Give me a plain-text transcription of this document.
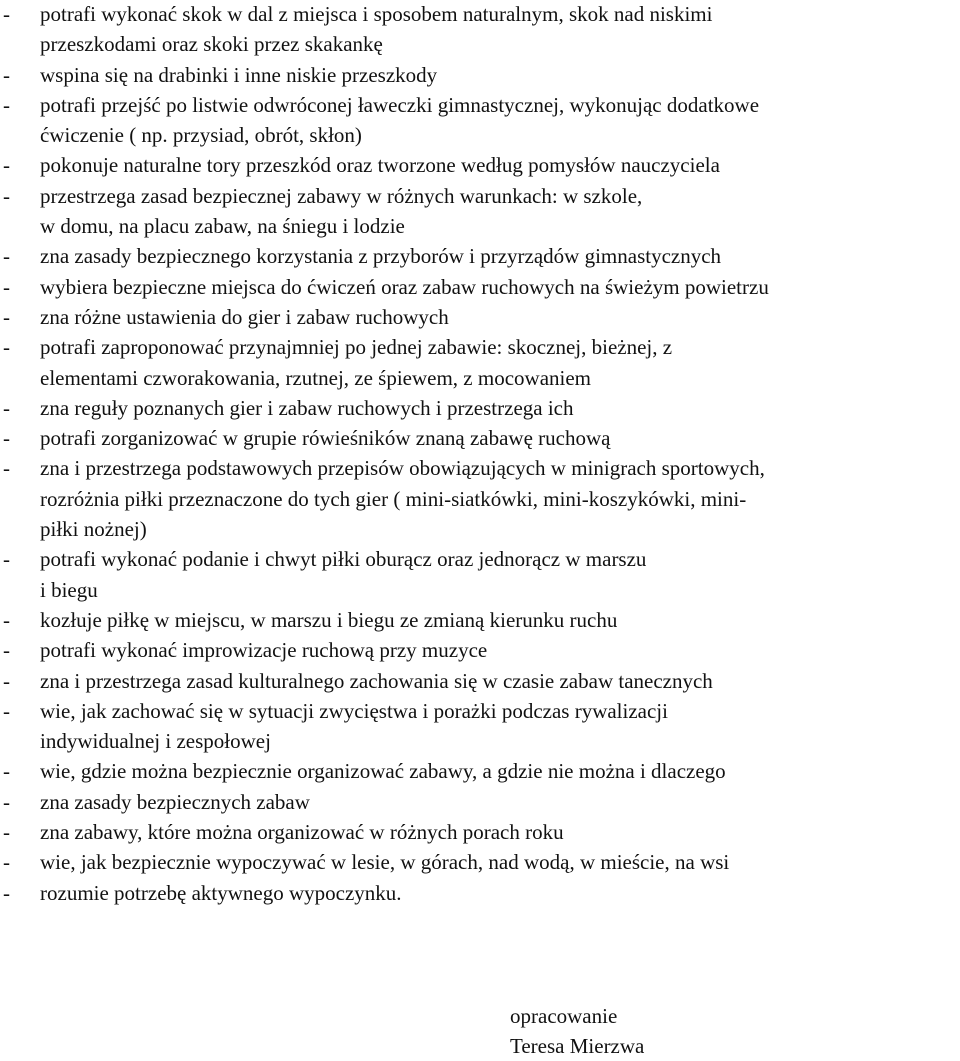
- potrafi wykonać skok w dal z miejsca i sposobem naturalnym, skok nad niskimi
przeszkodami oraz skoki przez skakankę
- wspina się na drabinki i inne niskie przeszkody
- potrafi przejść po listwie odwróconej ławeczki gimnastycznej, wykonując dodatkowe
ćwiczenie ( np. przysiad, obrót, skłon)
- pokonuje naturalne tory przeszkód oraz tworzone według pomysłów nauczyciela
- przestrzega zasad bezpiecznej zabawy w różnych warunkach: w szkole,
w domu, na placu zabaw, na śniegu i lodzie
- zna zasady bezpiecznego korzystania z przyborów i przyrządów gimnastycznych
- wybiera bezpieczne miejsca do ćwiczeń oraz zabaw ruchowych na świeżym powietrzu
- zna różne ustawienia do gier i zabaw ruchowych
- potrafi zaproponować przynajmniej po jednej zabawie: skocznej, bieżnej, z
elementami czworakowania, rzutnej, ze śpiewem, z mocowaniem
- zna reguły poznanych gier i zabaw ruchowych i przestrzega ich
- potrafi zorganizować w grupie rówieśników znaną zabawę ruchową
- zna i przestrzega podstawowych przepisów obowiązujących w minigrach sportowych,
rozróżnia piłki przeznaczone do tych gier ( mini-siatkówki, mini-koszykówki, mini-
piłki nożnej)
- potrafi wykonać podanie i chwyt piłki oburącz oraz jednorącz w marszu
i biegu
- kozłuje piłkę w miejscu, w marszu i biegu ze zmianą kierunku ruchu
- potrafi wykonać improwizacje ruchową przy muzyce
- zna i przestrzega zasad kulturalnego zachowania się w czasie zabaw tanecznych
- wie, jak zachować się w sytuacji zwycięstwa i porażki podczas rywalizacji
indywidualnej i zespołowej
- wie, gdzie można bezpiecznie organizować zabawy, a gdzie nie można i dlaczego
- zna zasady bezpiecznych zabaw
- zna zabawy, które można organizować w różnych porach roku
- wie, jak bezpiecznie wypoczywać w lesie, w górach, nad wodą, w mieście, na wsi
- rozumie potrzebę aktywnego wypoczynku.
opracowanie
Teresa Mierzwa
